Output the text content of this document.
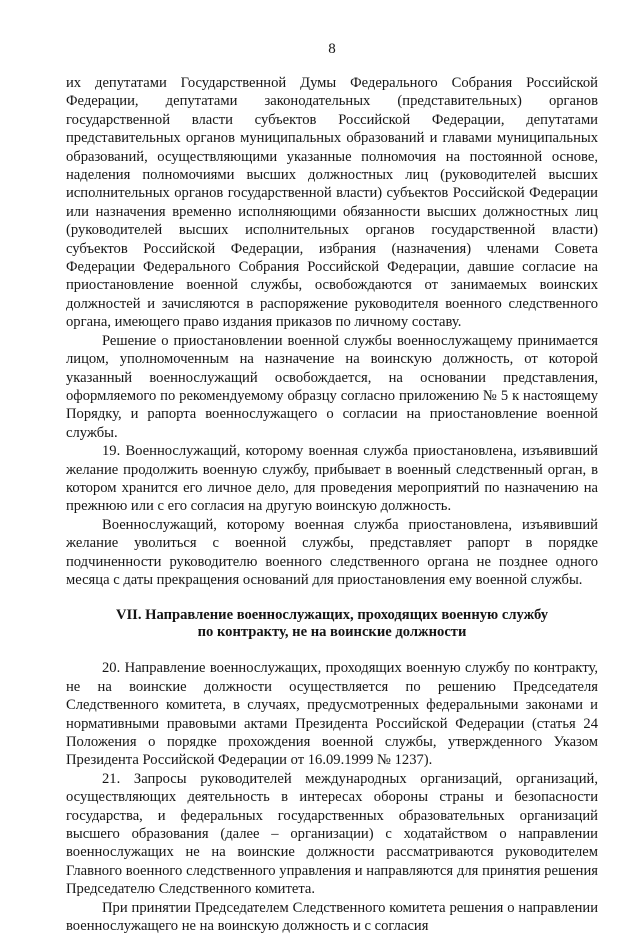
8

их депутатами Государственной Думы Федерального Собрания Российской Федерации, депутатами законодательных (представительных) органов государственной власти субъектов Российской Федерации, депутатами представительных органов муниципальных образований и главами муниципальных образований, осуществляющими указанные полномочия на постоянной основе, наделения полномочиями высших должностных лиц (руководителей высших исполнительных органов государственной власти) субъектов Российской Федерации или назначения временно исполняющими обязанности высших должностных лиц (руководителей высших исполнительных органов государственной власти) субъектов Российской Федерации, избрания (назначения) членами Совета Федерации Федерального Собрания Российской Федерации, давшие согласие на приостановление военной службы, освобождаются от занимаемых воинских должностей и зачисляются в распоряжение руководителя военного следственного органа, имеющего право издания приказов по личному составу.

Решение о приостановлении военной службы военнослужащему принимается лицом, уполномоченным на назначение на воинскую должность, от которой указанный военнослужащий освобождается, на основании представления, оформляемого по рекомендуемому образцу согласно приложению № 5 к настоящему Порядку, и рапорта военнослужащего о согласии на приостановление военной службы.

19. Военнослужащий, которому военная служба приостановлена, изъявивший желание продолжить военную службу, прибывает в военный следственный орган, в котором хранится его личное дело, для проведения мероприятий по назначению на прежнюю или с его согласия на другую воинскую должность.

Военнослужащий, которому военная служба приостановлена, изъявивший желание уволиться с военной службы, представляет рапорт в порядке подчиненности руководителю военного следственного органа не позднее одного месяца с даты прекращения оснований для приостановления ему военной службы.

VII. Направление военнослужащих, проходящих военную службу
по контракту, не на воинские должности

20. Направление военнослужащих, проходящих военную службу по контракту, не на воинские должности осуществляется по решению Председателя Следственного комитета, в случаях, предусмотренных федеральными законами и нормативными правовыми актами Президента Российской Федерации (статья 24 Положения о порядке прохождения военной службы, утвержденного Указом Президента Российской Федерации от 16.09.1999 № 1237).

21. Запросы руководителей международных организаций, организаций, осуществляющих деятельность в интересах обороны страны и безопасности государства, и федеральных государственных образовательных организаций высшего образования (далее – организации) с ходатайством о направлении военнослужащих не на воинские должности рассматриваются руководителем Главного военного следственного управления и направляются для принятия решения Председателю Следственного комитета.

При принятии Председателем Следственного комитета решения о направлении военнослужащего не на воинскую должность и с согласия
